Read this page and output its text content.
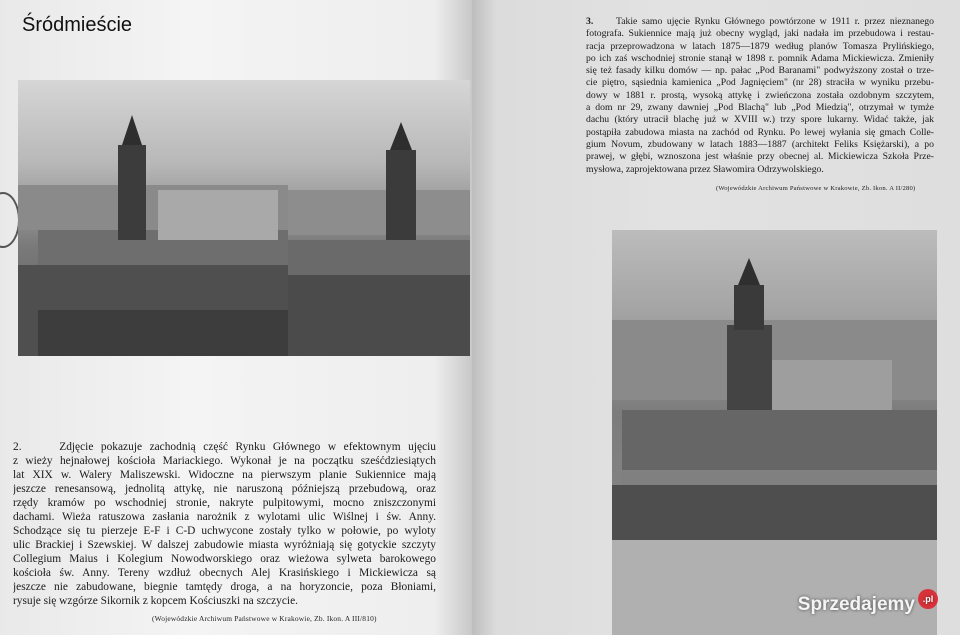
Śródmieście
2.	Zdjęcie pokazuje zachodnią część Rynku Głównego w efektownym ujęciu
z wieży hejnałowej kościoła Mariackiego. Wykonał je na początku sześćdziesiątych
lat XIX w. Walery Maliszewski. Widoczne na pierwszym planie Sukiennice mają
jeszcze renesansową, jednolitą attykę, nie naruszoną późniejszą przebudową, oraz
rzędy kramów po wschodniej stronie, nakryte pulpitowymi, mocno zniszczonymi
dachami. Wieża ratuszowa zasłania narożnik z wylotami ulic Wiślnej i św. Anny.
Schodzące się tu pierzeje E-F i C-D uchwycone zostały tylko w połowie, po wyloty
ulic Brackiej i Szewskiej. W dalszej zabudowie miasta wyróżniają się gotyckie szczyty
Collegium Maius i Kolegium Nowodworskiego oraz wieżowa sylweta barokowego
kościoła św. Anny. Tereny wzdłuż obecnych Alej Krasińskiego i Mickiewicza są
jeszcze nie zabudowane, biegnie tamtędy droga, a na horyzoncie, poza Błoniami,
rysuje się wzgórze Sikornik z kopcem Kościuszki na szczycie.
(Wojewódzkie Archiwum Państwowe w Krakowie, Zb. Ikon. A III/810)
3. Takie samo ujęcie Rynku Głównego powtórzone w 1911 r. przez nieznanego
fotografa. Sukiennice mają już obecny wygląd, jaki nadała im przebudowa i restau-
racja przeprowadzona w latach 1875—1879 według planów Tomasza Prylińskiego,
po ich zaś wschodniej stronie stanął w 1898 r. pomnik Adama Mickiewicza. Zmieniły
się też fasady kilku domów — np. pałac „Pod Baranami" podwyższony został o trze-
cie piętro, sąsiednia kamienica „Pod Jagnięciem" (nr 28) straciła w wyniku przebu-
dowy w 1881 r. prostą, wysoką attykę i zwieńczona została ozdobnym szczytem,
a dom nr 29, zwany dawniej „Pod Blachą" lub „Pod Miedzią", otrzymał w tymże
dachu (który utracił blachę już w XVIII w.) trzy spore lukarny. Widać także, jak
postąpiła zabudowa miasta na zachód od Rynku. Po lewej wyłania się gmach Colle-
gium Novum, zbudowany w latach 1883—1887 (architekt Feliks Księżarski), a po
prawej, w głębi, wznoszona jest właśnie przy obecnej al. Mickiewicza Szkoła Prze-
mysłowa, zaprojektowana przez Sławomira Odrzywolskiego.
(Wojewódzkie Archiwum Państwowe w Krakowie, Zb. Ikon. A II/280)
Sprzedajemy .pl
